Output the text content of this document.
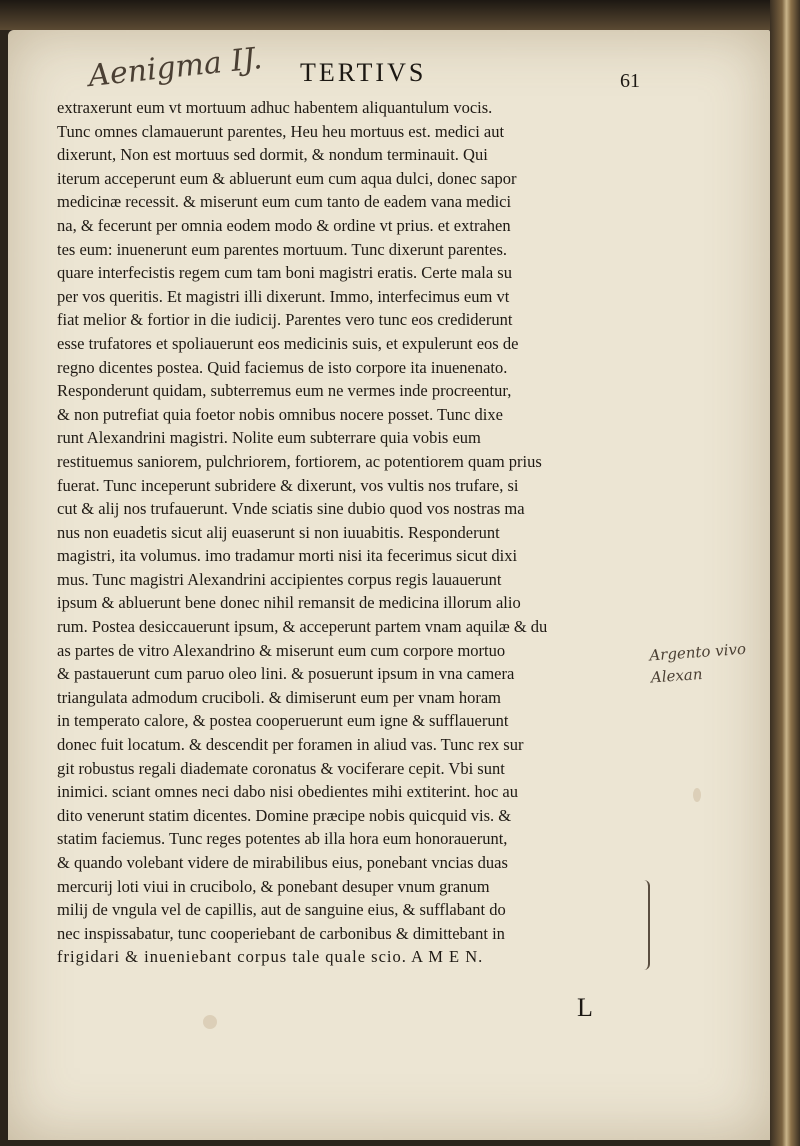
Aenigma IJ. TERTIVS	61
extraxerunt eum vt mortuum adhuc habentem aliquantulum vocis.
Tunc omnes clamauerunt parentes, Heu heu mortuus est. medici aut
dixerunt, Non est mortuus sed dormit, & nondum terminauit. Qui
iterum acceperunt eum & abluerunt eum cum aqua dulci, donec sapor
medicinæ recessit. & miserunt eum cum tanto de eadem vana medici
na, & fecerunt per omnia eodem modo & ordine vt prius. et extrahen
tes eum: inuenerunt eum parentes mortuum. Tunc dixerunt parentes.
quare interfecistis regem cum tam boni magistri eratis. Certe mala su
per vos queritis. Et magistri illi dixerunt. Immo, interfecimus eum vt
fiat melior & fortior in die iudicij. Parentes vero tunc eos crediderunt
esse trufatores et spoliauerunt eos medicinis suis, et expulerunt eos de
regno dicentes postea. Quid faciemus de isto corpore ita inuenenato.
Responderunt quidam, subterremus eum ne vermes inde procreentur,
& non putrefiat quia foetor nobis omnibus nocere posset. Tunc dixe
runt Alexandrini magistri. Nolite eum subterrare quia vobis eum
restituemus saniorem, pulchriorem, fortiorem, ac potentiorem quam prius
fuerat. Tunc inceperunt subridere & dixerunt, vos vultis nos trufare, si
cut & alij nos trufauerunt. Vnde sciatis sine dubio quod vos nostras ma
nus non euadetis sicut alij euaserunt si non iuuabitis. Responderunt
magistri, ita volumus. imo tradamur morti nisi ita fecerimus sicut dixi
mus. Tunc magistri Alexandrini accipientes corpus regis lauauerunt
ipsum & abluerunt bene donec nihil remansit de medicina illorum alio
rum. Postea desiccauerunt ipsum, & acceperunt partem vnam aquilæ & du
as partes de vitro Alexandrino & miserunt eum cum corpore mortuo
& pastauerunt cum paruo oleo lini. & posuerunt ipsum in vna camera
triangulata admodum cruciboli. & dimiserunt eum per vnam horam
in temperato calore, & postea cooperuerunt eum igne & sufflauerunt
donec fuit locatum. & descendit per foramen in aliud vas. Tunc rex sur
git robustus regali diademate coronatus & vociferare cepit. Vbi sunt
inimici. sciant omnes neci dabo nisi obedientes mihi extiterint. hoc au
dito venerunt statim dicentes. Domine præcipe nobis quicquid vis. &
statim faciemus. Tunc reges potentes ab illa hora eum honorauerunt,
& quando volebant videre de mirabilibus eius, ponebant vncias duas
mercurij loti viui in crucibolo, & ponebant desuper vnum granum
milij de vngula vel de capillis, aut de sanguine eius, & sufflabant do
nec inspissabatur, tunc cooperiebant de carbonibus & dimittebant in
frigidari & inueniebant corpus tale quale scio. A M E N.
Argento vivo Alexan
L
